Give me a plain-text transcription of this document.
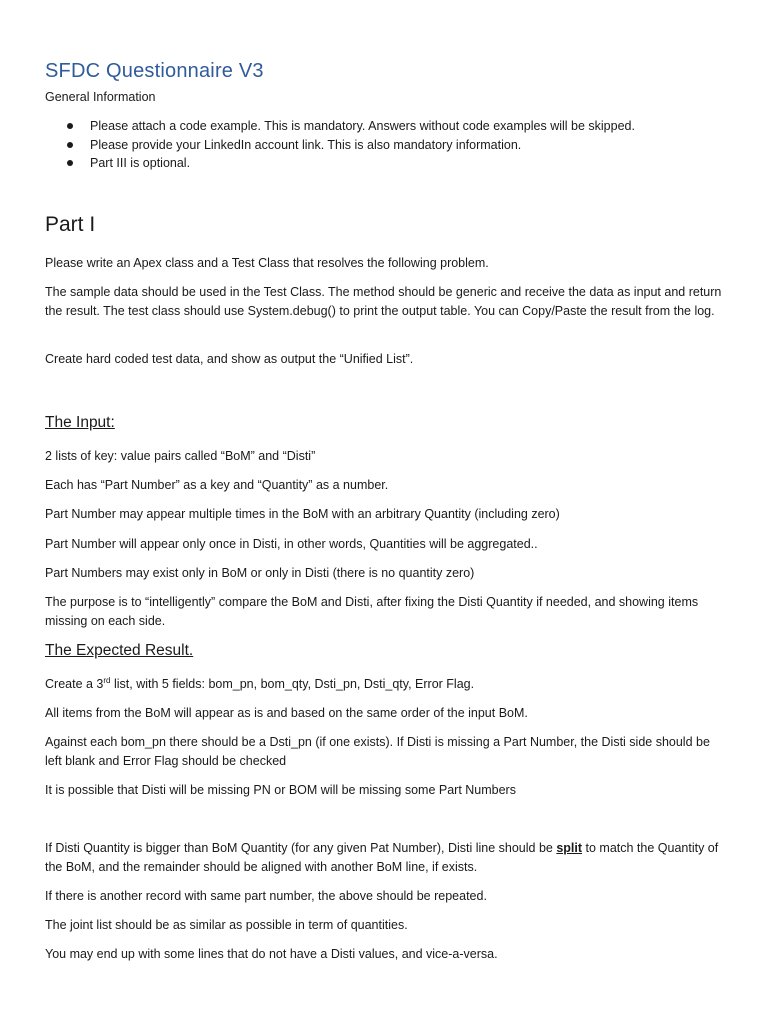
SFDC Questionnaire V3

General Information

Please attach a code example. This is mandatory. Answers without code examples will be skipped.
Please provide your LinkedIn account link. This is also mandatory information.
Part III is optional.
Part I

Please write an Apex class and a Test Class that resolves the following problem.

The sample data should be used in the Test Class. The method should be generic and receive the data as input and return the result. The test class should use System.debug() to print the output table. You can Copy/Paste the result from the log.

Create hard coded test data, and show as output the “Unified List”.

The Input:

2 lists of key: value pairs called “BoM” and “Disti”

Each has “Part Number” as a key and “Quantity” as a number.

Part Number may appear multiple times in the BoM with an arbitrary Quantity (including zero)

Part Number will appear only once in Disti, in other words, Quantities will be aggregated..

Part Numbers may exist only in BoM or only in Disti (there is no quantity zero)

The purpose is to “intelligently” compare the BoM and Disti, after fixing the Disti Quantity if needed, and showing items missing on each side.

The Expected Result.

Create a 3rd list, with 5 fields: bom_pn, bom_qty, Dsti_pn, Dsti_qty, Error Flag.

All items from the BoM will appear as is and based on the same order of the input BoM.

Against each bom_pn there should be a Dsti_pn (if one exists). If Disti is missing a Part Number, the Disti side should be left blank and Error Flag should be checked

It is possible that Disti will be missing PN or BOM will be missing some Part Numbers

If Disti Quantity is bigger than BoM Quantity (for any given Pat Number), Disti line should be split to match the Quantity of the BoM, and the remainder should be aligned with another BoM line, if exists.

If there is another record with same part number, the above should be repeated.

The joint list should be as similar as possible in term of quantities.

You may end up with some lines that do not have a Disti values, and vice-a-versa.
